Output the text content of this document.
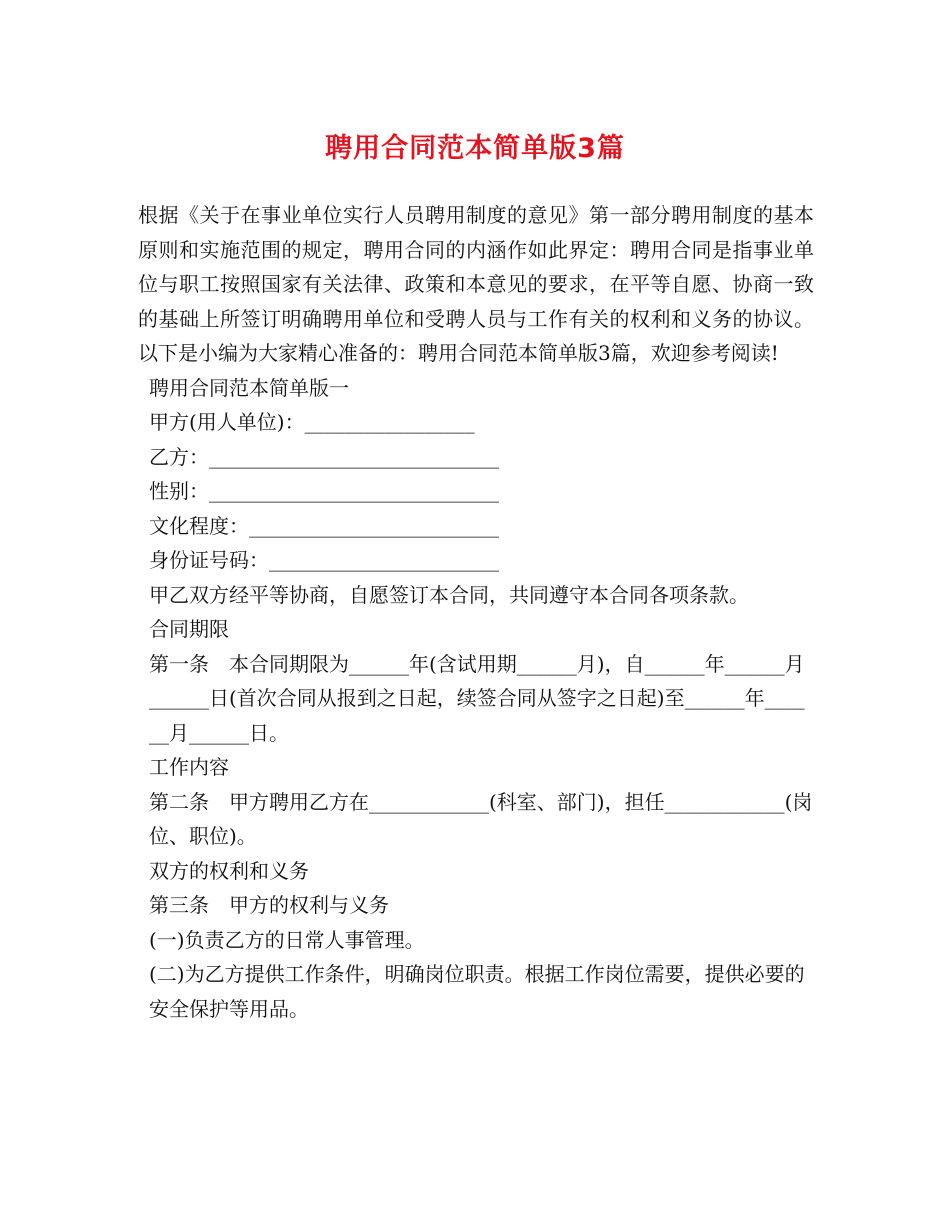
聘用合同范本简单版3篇

根据《关于在事业单位实行人员聘用制度的意见》第一部分聘用制度的基本原则和实施范围的规定，聘用合同的内涵作如此界定：聘用合同是指事业单位与职工按照国家有关法律、政策和本意见的要求，在平等自愿、协商一致的基础上所签订明确聘用单位和受聘人员与工作有关的权利和义务的协议。以下是小编为大家精心准备的：聘用合同范本简单版3篇，欢迎参考阅读!

聘用合同范本简单版一

甲方(用人单位)：_________________

乙方：_____________________________

性别：_____________________________

文化程度：_________________________

身份证号码：_______________________

甲乙双方经平等协商，自愿签订本合同，共同遵守本合同各项条款。

合同期限

第一条　本合同期限为______年(含试用期______月)，自______年______月______日(首次合同从报到之日起，续签合同从签字之日起)至______年______月______日。

工作内容

第二条　甲方聘用乙方在____________(科室、部门)，担任____________(岗位、职位)。

双方的权利和义务

第三条　甲方的权利与义务

(一)负责乙方的日常人事管理。

(二)为乙方提供工作条件，明确岗位职责。根据工作岗位需要，提供必要的安全保护等用品。
